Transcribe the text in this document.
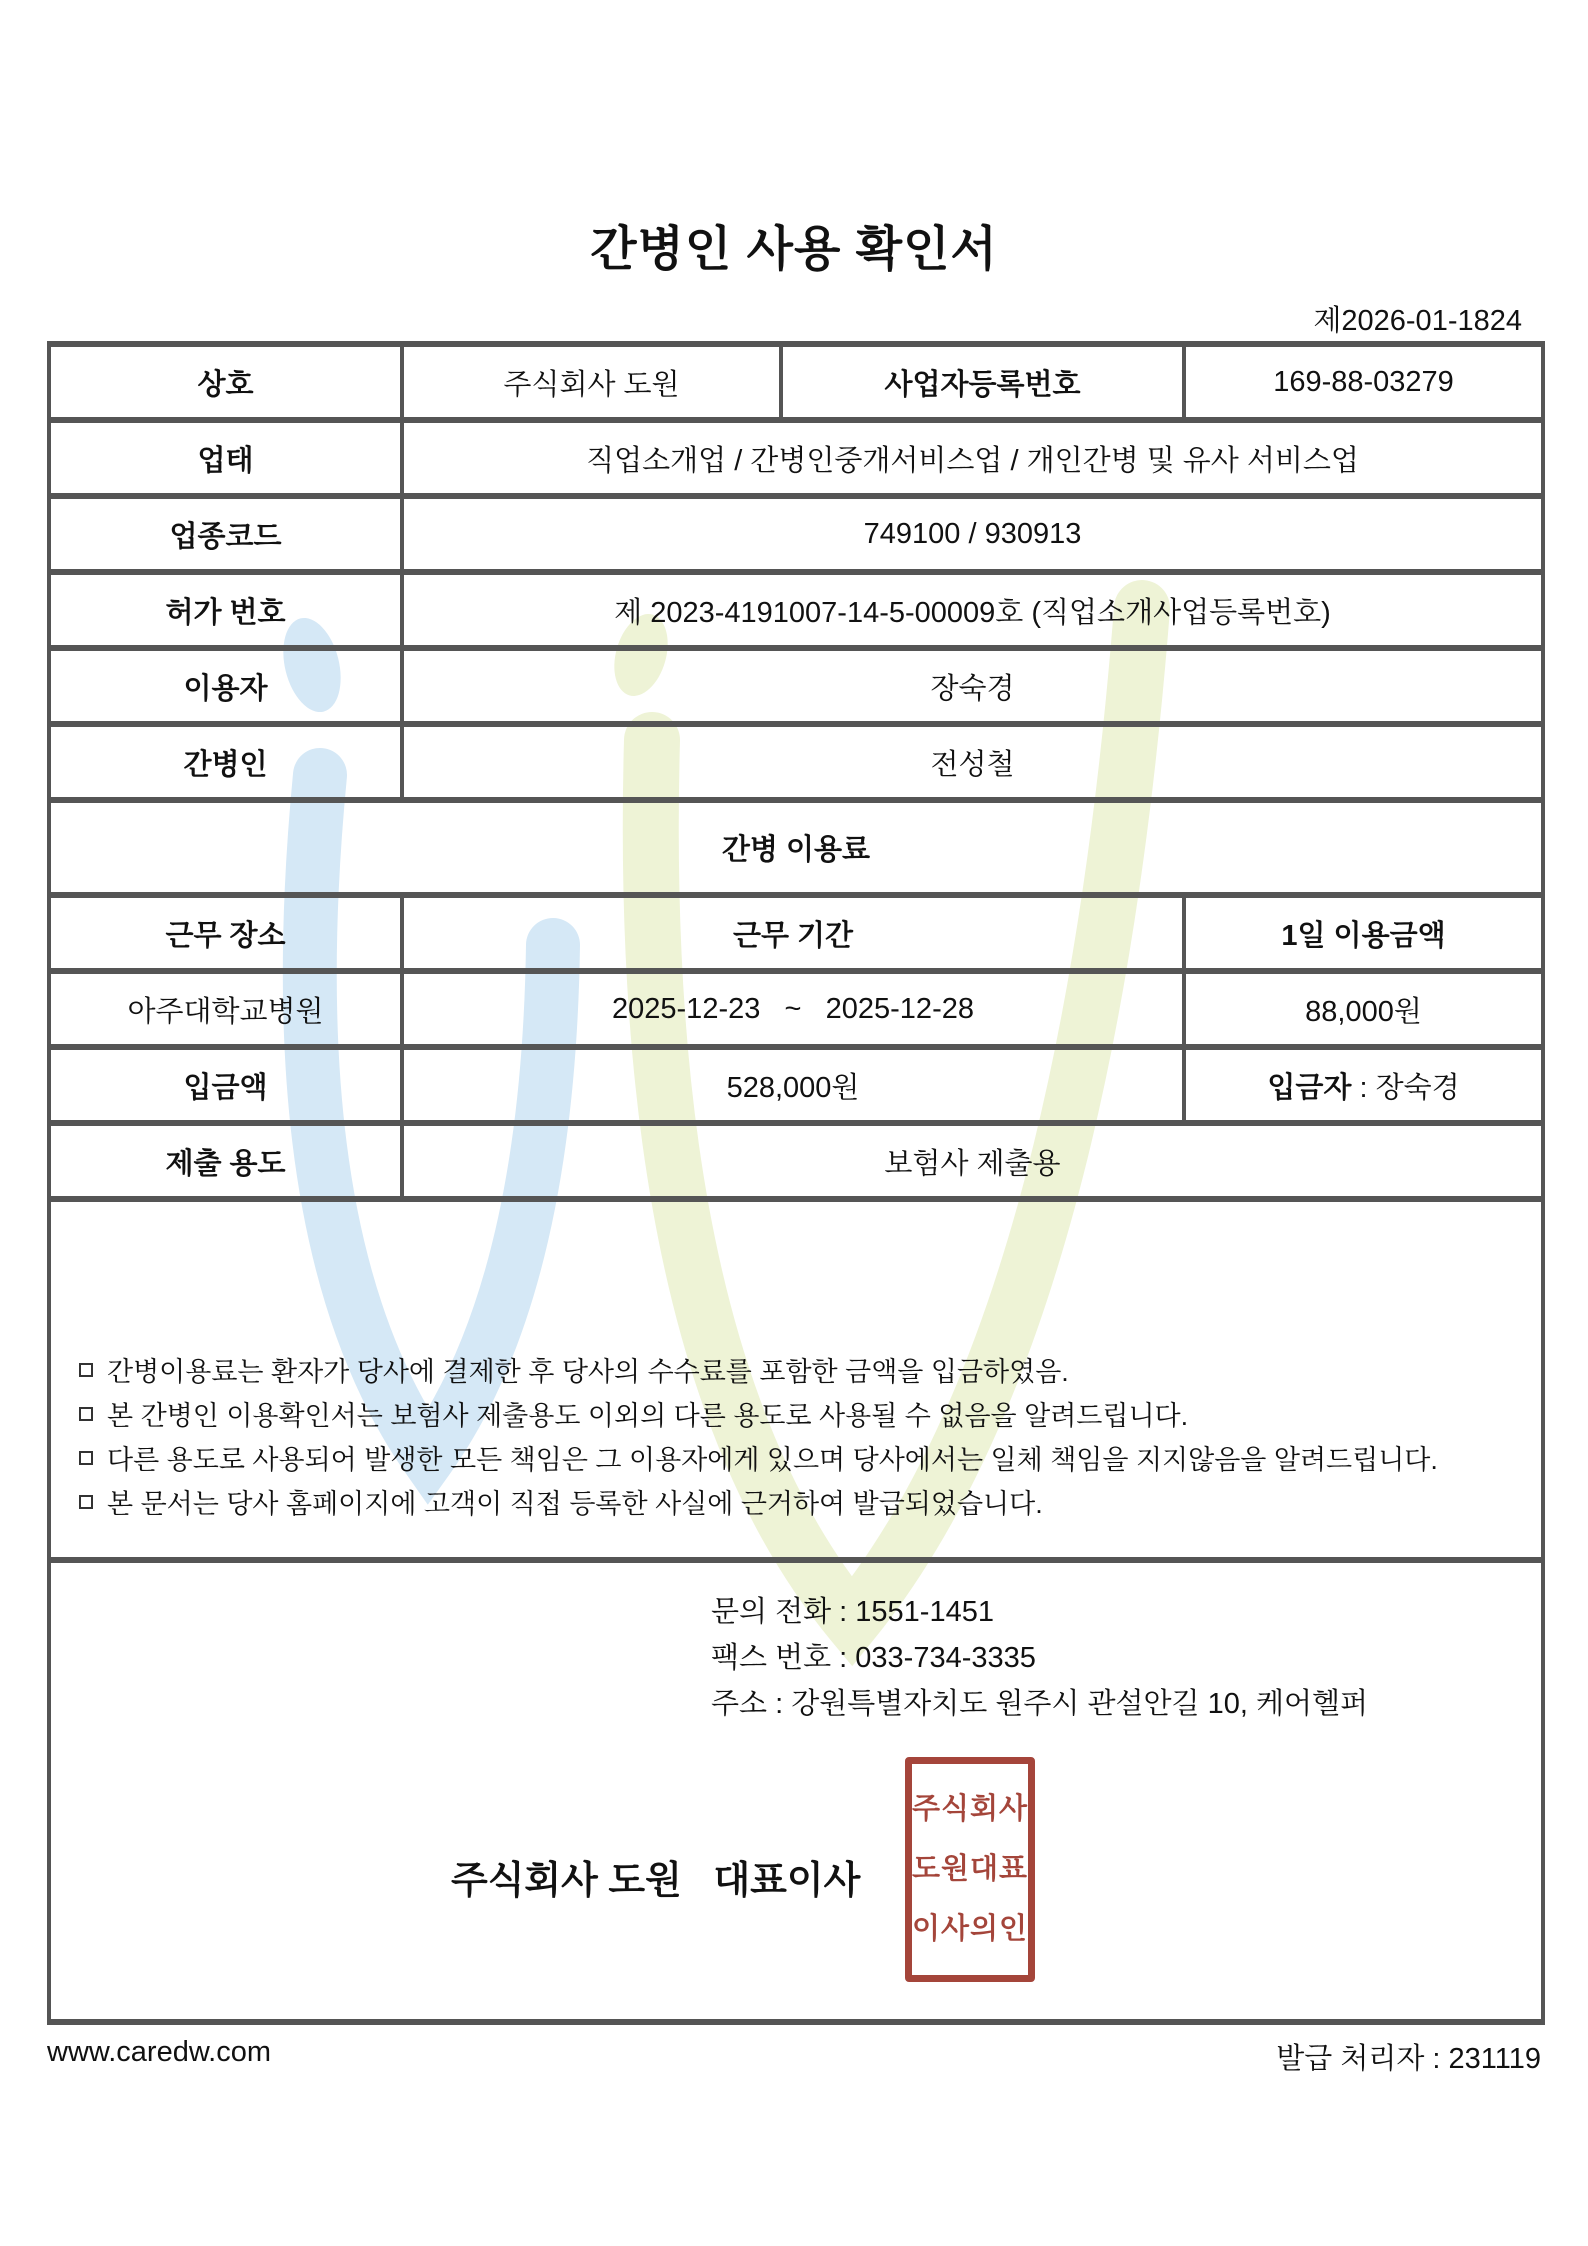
간병인 사용 확인서
제2026-01-1824
상호	주식회사 도원	사업자등록번호	169-88-03279
업태	직업소개업 / 간병인중개서비스업 / 개인간병 및 유사 서비스업		
업종코드	749100 / 930913		
허가 번호	제 2023-4191007-14-5-00009호 (직업소개사업등록번호)		
이용자	장숙경		
간병인	전성철		
간병 이용료			
근무 장소	근무 기간		1일 이용금액
아주대학교병원	2025-12-23   ~   2025-12-28		88,000원
입금액	528,000원		입금자 : 장숙경
제출 용도	보험사 제출용		

간병이용료는 환자가 당사에 결제한 후 당사의 수수료를 포함한 금액을 입금하였음.
본 간병인 이용확인서는 보험사 제출용도 이외의 다른 용도로 사용될 수 없음을 알려드립니다.
다른 용도로 사용되어 발생한 모든 책임은 그 이용자에게 있으며 당사에서는 일체 책임을 지지않음을 알려드립니다.
본 문서는 당사 홈페이지에 고객이 직접 등록한 사실에 근거하여 발급되었습니다.			

문의 전화 : 1551-1451
팩스 번호 : 033-734-3335
주소 : 강원특별자치도 원주시 관설안길 10, 케어헬퍼
주식회사 도원   대표이사
주식회사
도원대표
이사의인
www.caredw.com	발급 처리자 : 231119
